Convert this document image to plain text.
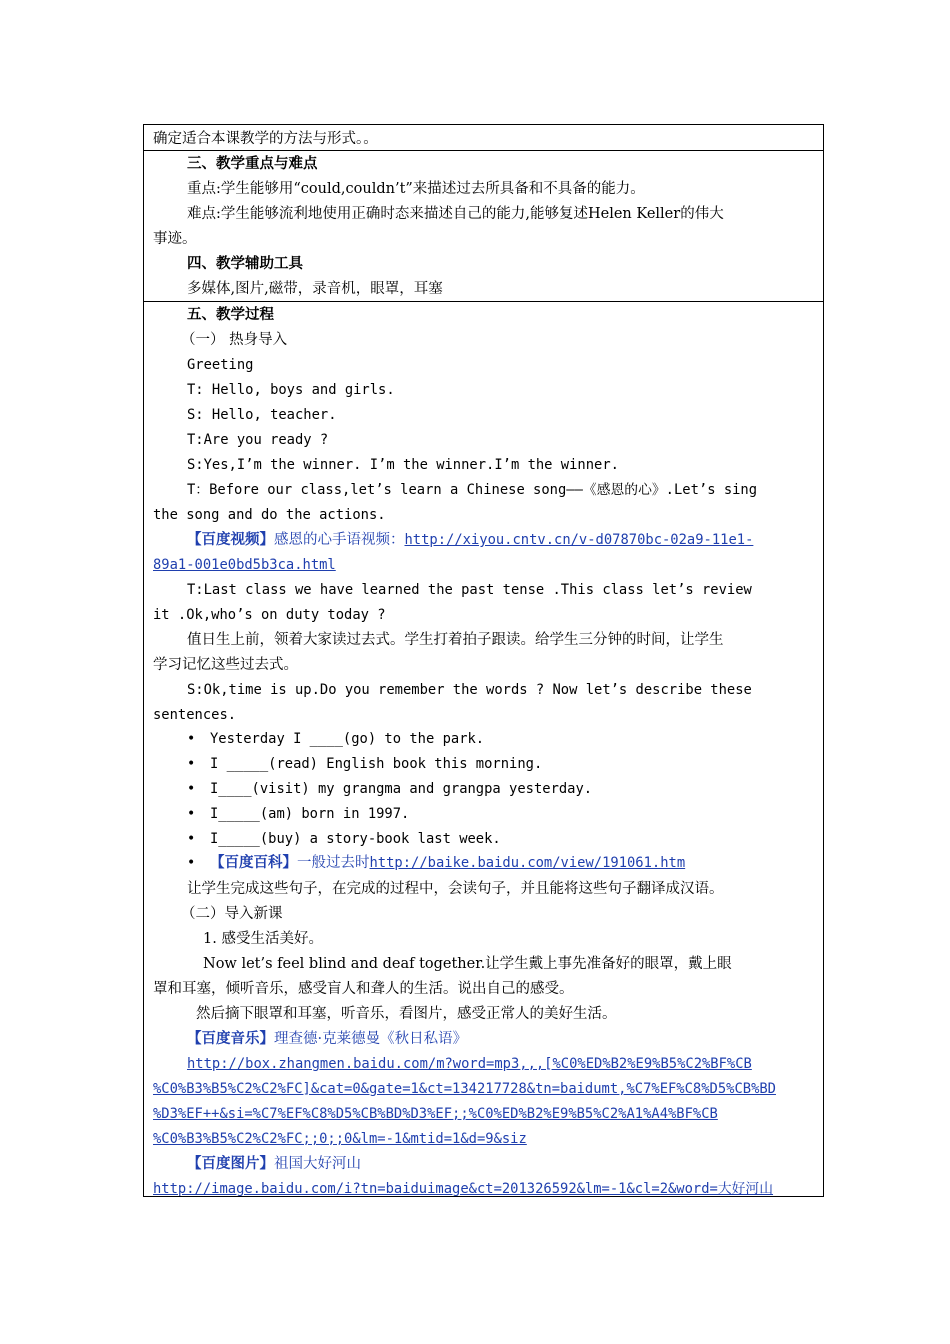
确定适合本课教学的方法与形式。。
三、教学重点与难点
重点:学生能够用“could,couldn’t”来描述过去所具备和不具备的能力。
难点:学生能够流利地使用正确时态来描述自己的能力,能够复述Helen Keller的伟大
事迹。
四、教学辅助工具
多媒体,图片,磁带，录音机，眼罩，耳塞
五、教学过程
（一） 热身导入
Greeting
T: Hello, boys and girls.
S: Hello, teacher.
T:Are you ready ?
S:Yes,I’m the winner. I’m the winner.I’m the winner.
T：Before our class,let’s learn a Chinese song——《感恩的心》.Let’s sing
the song and do the actions.
【百度视频】感恩的心手语视频：http://xiyou.cntv.cn/v-d07870bc-02a9-11e1-
89a1-001e0bd5b3ca.html
T:Last class we have learned the past tense .This class let’s review
it .Ok,who’s on duty today ?
值日生上前，领着大家读过去式。学生打着拍子跟读。给学生三分钟的时间，让学生
学习记忆这些过去式。
S:Ok,time is up.Do you remember the words ? Now let’s describe these
sentences.
• Yesterday I ____(go) to the park.
• I _____(read) English book this morning.
• I____(visit) my grangma and grangpa yesterday.
• I_____(am) born in 1997.
• I_____(buy) a story-book last week.
• 【百度百科】一般过去时http://baike.baidu.com/view/191061.htm
让学生完成这些句子，在完成的过程中，会读句子，并且能将这些句子翻译成汉语。
（二）导入新课
1. 感受生活美好。
Now let’s feel blind and deaf together.让学生戴上事先准备好的眼罩，戴上眼
罩和耳塞，倾听音乐，感受盲人和聋人的生活。说出自己的感受。
然后摘下眼罩和耳塞，听音乐，看图片，感受正常人的美好生活。
【百度音乐】理查德·克莱德曼《秋日私语》
http://box.zhangmen.baidu.com/m?word=mp3,,,[%C0%ED%B2%E9%B5%C2%BF%CB
%C0%B3%B5%C2%C2%FC]&cat=0&gate=1&ct=134217728&tn=baidumt,%C7%EF%C8%D5%CB%BD
%D3%EF++&si=%C7%EF%C8%D5%CB%BD%D3%EF;;%C0%ED%B2%E9%B5%C2%A1%A4%BF%CB
%C0%B3%B5%C2%C2%FC;;0;;0&lm=-1&mtid=1&d=9&siz
【百度图片】祖国大好河山
http://image.baidu.com/i?tn=baiduimage&ct=201326592&lm=-1&cl=2&word=大好河山
